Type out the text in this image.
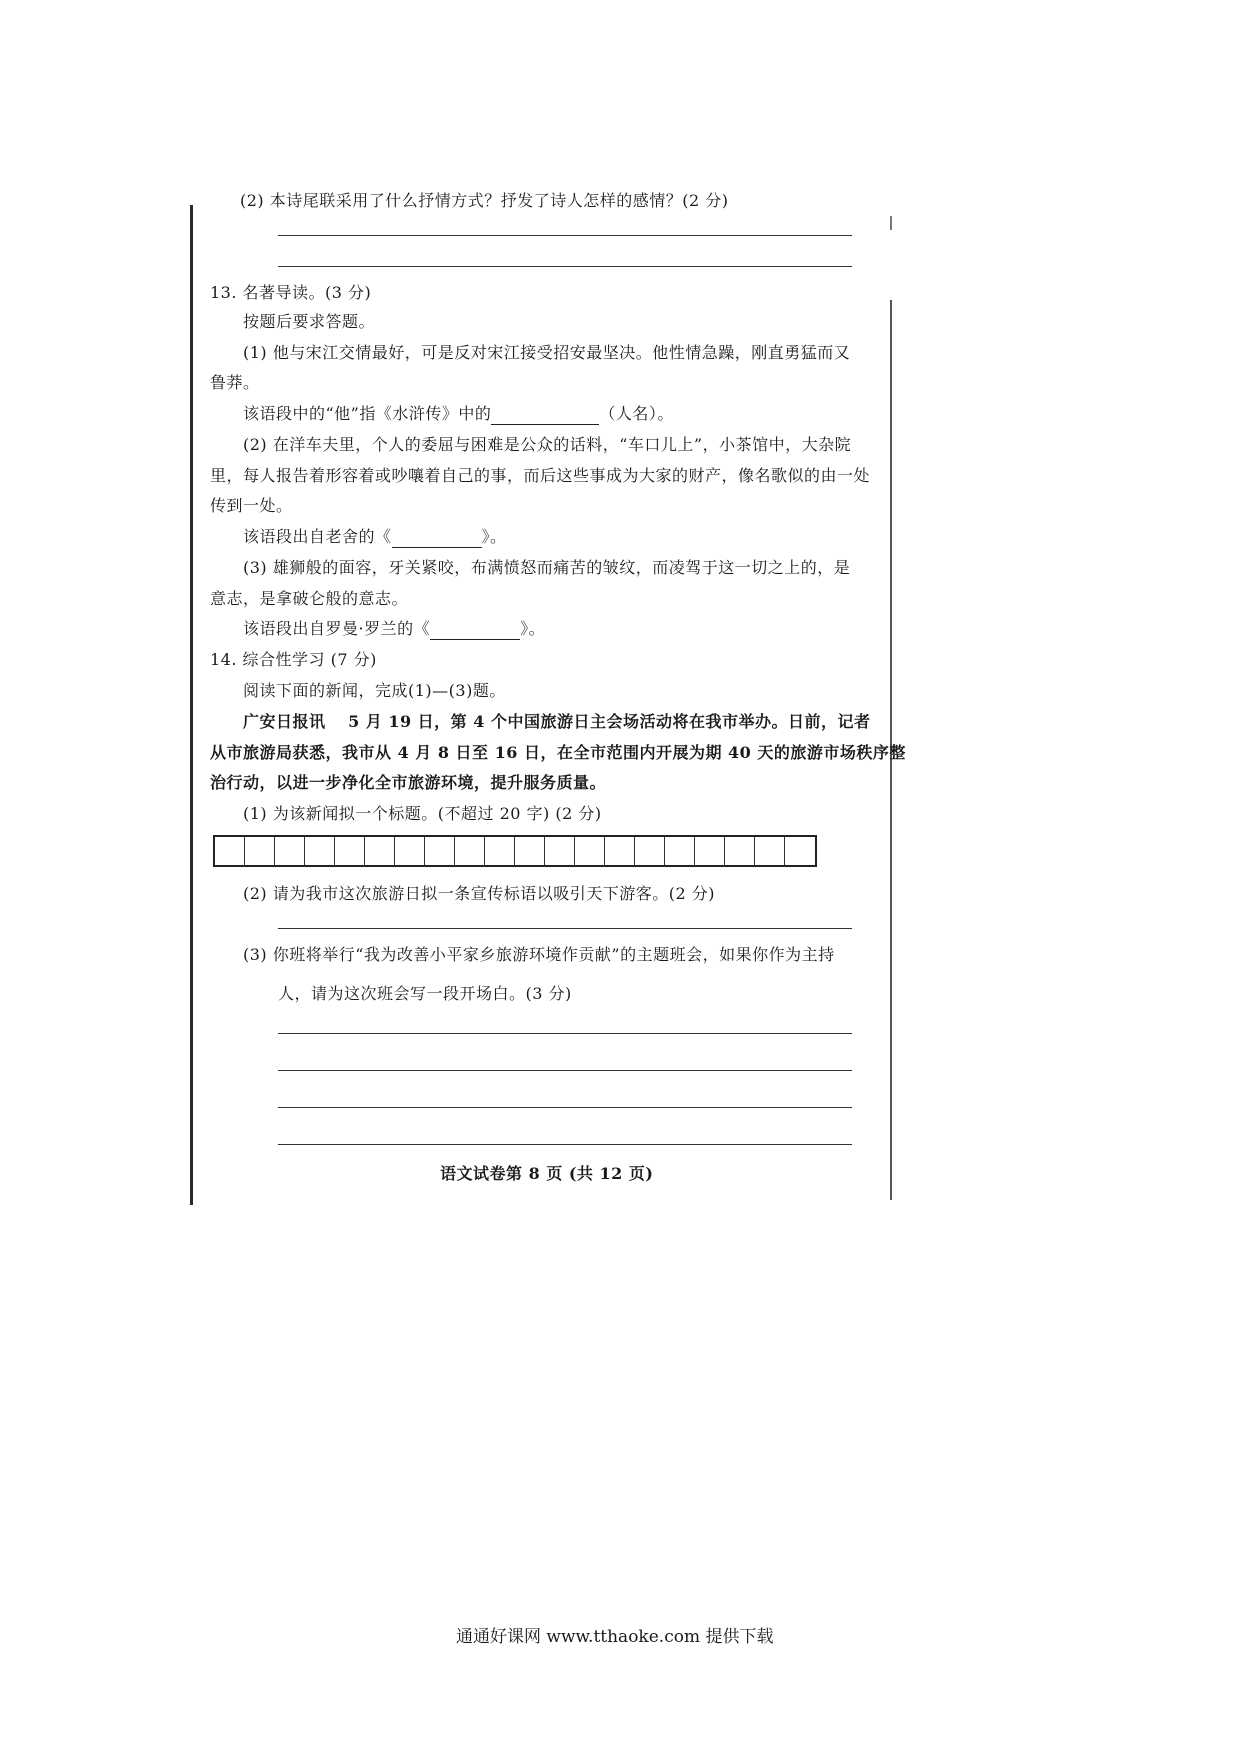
(2) 本诗尾联采用了什么抒情方式？抒发了诗人怎样的感情？(2 分)
13. 名著导读。(3 分)
按题后要求答题。
(1) 他与宋江交情最好，可是反对宋江接受招安最坚决。他性情急躁，刚直勇猛而又
鲁莽。
该语段中的“他”指《水浒传》中的	（人名）。
(2) 在洋车夫里，个人的委屈与困难是公众的话料，“车口儿上”，小茶馆中，大杂院
里，每人报告着形容着或吵嚷着自己的事，而后这些事成为大家的财产，像名歌似的由一处
传到一处。
该语段出自老舍的《	》。
(3) 雄狮般的面容，牙关紧咬，布满愤怒而痛苦的皱纹，而凌驾于这一切之上的，是
意志，是拿破仑般的意志。
该语段出自罗曼·罗兰的《	》。
14. 综合性学习 (7 分)
阅读下面的新闻，完成(1)—(3)题。
广安日报讯　 5 月 19 日，第 4 个中国旅游日主会场活动将在我市举办。日前，记者
从市旅游局获悉，我市从 4 月 8 日至 16 日，在全市范围内开展为期 40 天的旅游市场秩序整
治行动，以进一步净化全市旅游环境，提升服务质量。
(1) 为该新闻拟一个标题。(不超过 20 字) (2 分)
(2) 请为我市这次旅游日拟一条宣传标语以吸引天下游客。(2 分)
(3) 你班将举行“我为改善小平家乡旅游环境作贡献”的主题班会，如果你作为主持
人，请为这次班会写一段开场白。(3 分)
语文试卷第 8 页 (共 12 页)
通通好课网 www.tthaoke.com 提供下载
